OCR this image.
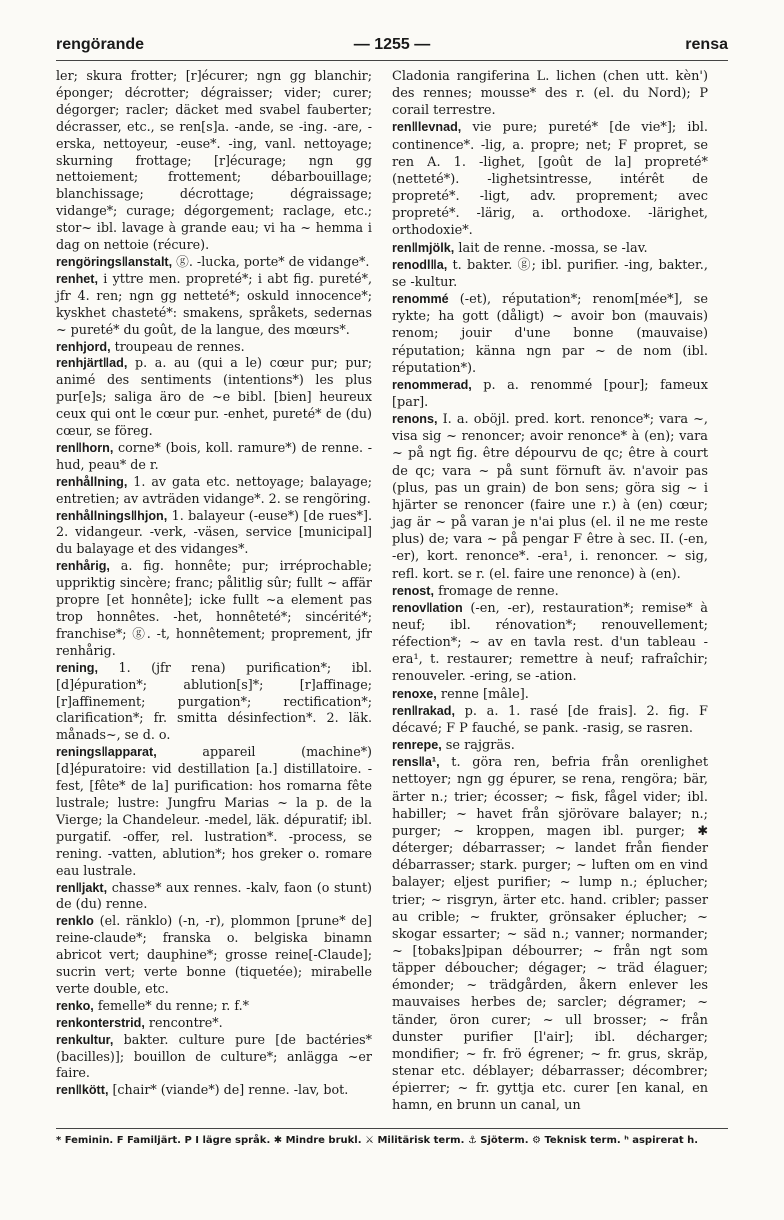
rengörande	— 1255 —	rensa

ler; skura frotter; [r]écurer; ngn gg blanchir; éponger; décrotter; dégraisser; vider; curer; dégorger; racler; däcket med svabel fauberter; décrasser, etc., se ren[s]a. -ande, se -ing. -are, -erska, nettoyeur, -euse*. -ing, vanl. nettoyage; skurning frottage; [r]écurage; ngn gg nettoiement; frottement; débarbouillage; blanchissage; décrottage; dégraissage; vidange*; curage; dégorgement; raclage, etc.; stor~ ibl. lavage à grande eau; vi ha ~ hemma i dag on nettoie (récure).

rengöringsǁanstalt, ⓖ. -lucka, porte* de vidange*.

renhet, i yttre men. propreté*; i abt fig. pureté*, jfr 4. ren; ngn gg netteté*; oskuld innocence*; kyskhet chasteté*: smakens, språkets, sedernas ~ pureté* du goût, de la langue, des mœurs*.

renhjord, troupeau de rennes.

renhjärtǁad, p. a. au (qui a le) cœur pur; pur; animé des sentiments (intentions*) les plus pur[e]s; saliga äro de ~e bibl. [bien] heureux ceux qui ont le cœur pur. -enhet, pureté* de (du) cœur, se föreg.

renǁhorn, corne* (bois, koll. ramure*) de renne. -hud, peau* de r.

renhållning, 1. av gata etc. nettoyage; balayage; entretien; av avträden vidange*. 2. se rengöring.

renhållningsǁhjon, 1. balayeur (-euse*) [de rues*]. 2. vidangeur. -verk, -väsen, service [municipal] du balayage et des vidanges*.

renhårig, a. fig. honnête; pur; irréprochable; uppriktig sincère; franc; pålitlig sûr; fullt ~ affär propre [et honnête]; icke fullt ~a element pas trop honnêtes. -het, honnêteté*; sincérité*; franchise*; ⓖ. -t, honnêtement; proprement, jfr renhårig.

rening, 1. (jfr rena) purification*; ibl. [d]épuration*; ablution[s]*; [r]affinage; [r]affinement; purgation*; rectification*; clarification*; fr. smitta désinfection*. 2. läk. månads~, se d. o.

reningsǁapparat, appareil (machine*) [d]épuratoire: vid destillation [a.] distillatoire. -fest, [fête* de la] purification: hos romarna fête lustrale; lustre: Jungfru Marias ~ la p. de la Vierge; la Chandeleur. -medel, läk. dépuratif; ibl. purgatif. -offer, rel. lustration*. -process, se rening. -vatten, ablution*; hos greker o. romare eau lustrale.

renǁjakt, chasse* aux rennes. -kalv, faon (o stunt) de (du) renne.

renklo (el. ränklo) (-n, -r), plommon [prune* de] reine-claude*; franska o. belgiska binamn abricot vert; dauphine*; grosse reine[-Claude]; sucrin vert; verte bonne (tiquetée); mirabelle verte double, etc.

renko, femelle* du renne; r. f.*

renkonterstrid, rencontre*.

renkultur, bakter. culture pure [de bactéries* (bacilles)]; bouillon de culture*; anlägga ~er faire.

renǁkött, [chair* (viande*) de] renne. -lav, bot.

Cladonia rangiferina L. lichen (chen utt. kèn') des rennes; mousse* des r. (el. du Nord); P corail terrestre.

renǁlevnad, vie pure; pureté* [de vie*]; ibl. continence*. -lig, a. propre; net; F propret, se ren A. 1. -lighet, [goût de la] propreté* (netteté*). -lighetsintresse, intérêt de propreté*. -ligt, adv. proprement; avec propreté*. -lärig, a. orthodoxe. -lärighet, orthodoxie*.

renǁmjölk, lait de renne. -mossa, se -lav.

renodlǁa, t. bakter. ⓖ; ibl. purifier. -ing, bakter., se -kultur.

renommé (-et), réputation*; renom[mée*], se rykte; ha gott (dåligt) ~ avoir bon (mauvais) renom; jouir d'une bonne (mauvaise) réputation; känna ngn par ~ de nom (ibl. réputation*).

renommerad, p. a. renommé [pour]; fameux [par].

renons, I. a. oböjl. pred. kort. renonce*; vara ~, visa sig ~ renoncer; avoir renonce* à (en); vara ~ på ngt fig. être dépourvu de qc; être à court de qc; vara ~ på sunt förnuft äv. n'avoir pas (plus, pas un grain) de bon sens; göra sig ~ i hjärter se renoncer (faire une r.) à (en) cœur; jag är ~ på varan je n'ai plus (el. il ne me reste plus) de; vara ~ på pengar F être à sec. II. (-en, -er), kort. renonce*. -era¹, i. renoncer. ~ sig, refl. kort. se r. (el. faire une renonce) à (en).

renost, fromage de renne.

renovǁation (-en, -er), restauration*; remise* à neuf; ibl. rénovation*; renouvellement; réfection*; ~ av en tavla rest. d'un tableau -era¹, t. restaurer; remettre à neuf; rafraîchir; renouveler. -ering, se -ation.

renoxe, renne [mâle].

renǁrakad, p. a. 1. rasé [de frais]. 2. fig. F décavé; F P fauché, se pank. -rasig, se rasren.

renrepe, se rajgräs.

rensǁa¹, t. göra ren, befria från orenlighet nettoyer; ngn gg épurer, se rena, rengöra; bär, ärter n.; trier; écosser; ~ fisk, fågel vider; ibl. habiller; ~ havet från sjörövare balayer; n.; purger; ~ kroppen, magen ibl. purger; ✱ déterger; débarrasser; ~ landet från fiender débarrasser; stark. purger; ~ luften om en vind balayer; eljest purifier; ~ lump n.; éplucher; trier; ~ risgryn, ärter etc. hand. cribler; passer au crible; ~ frukter, grönsaker éplucher; ~ skogar essarter; ~ säd n.; vanner; normander; ~ [tobaks]pipan débourrer; ~ från ngt som täpper déboucher; dégager; ~ träd élaguer; émonder; ~ trädgården, åkern enlever les mauvaises herbes de; sarcler; dégramer; ~ tänder, öron curer; ~ ull brosser; ~ från dunster purifier [l'air]; ibl. décharger; mondifier; ~ fr. frö égrener; ~ fr. grus, skräp, stenar etc. déblayer; débarrasser; décombrer; épierrer; ~ fr. gyttja etc. curer [en kanal, en hamn, en brunn un canal, un

* Feminin. F Familjärt. P I lägre språk. ✱ Mindre brukl. ⚔ Militärisk term. ⚓ Sjöterm. ⚙ Teknisk term. ʰ aspirerat h.
